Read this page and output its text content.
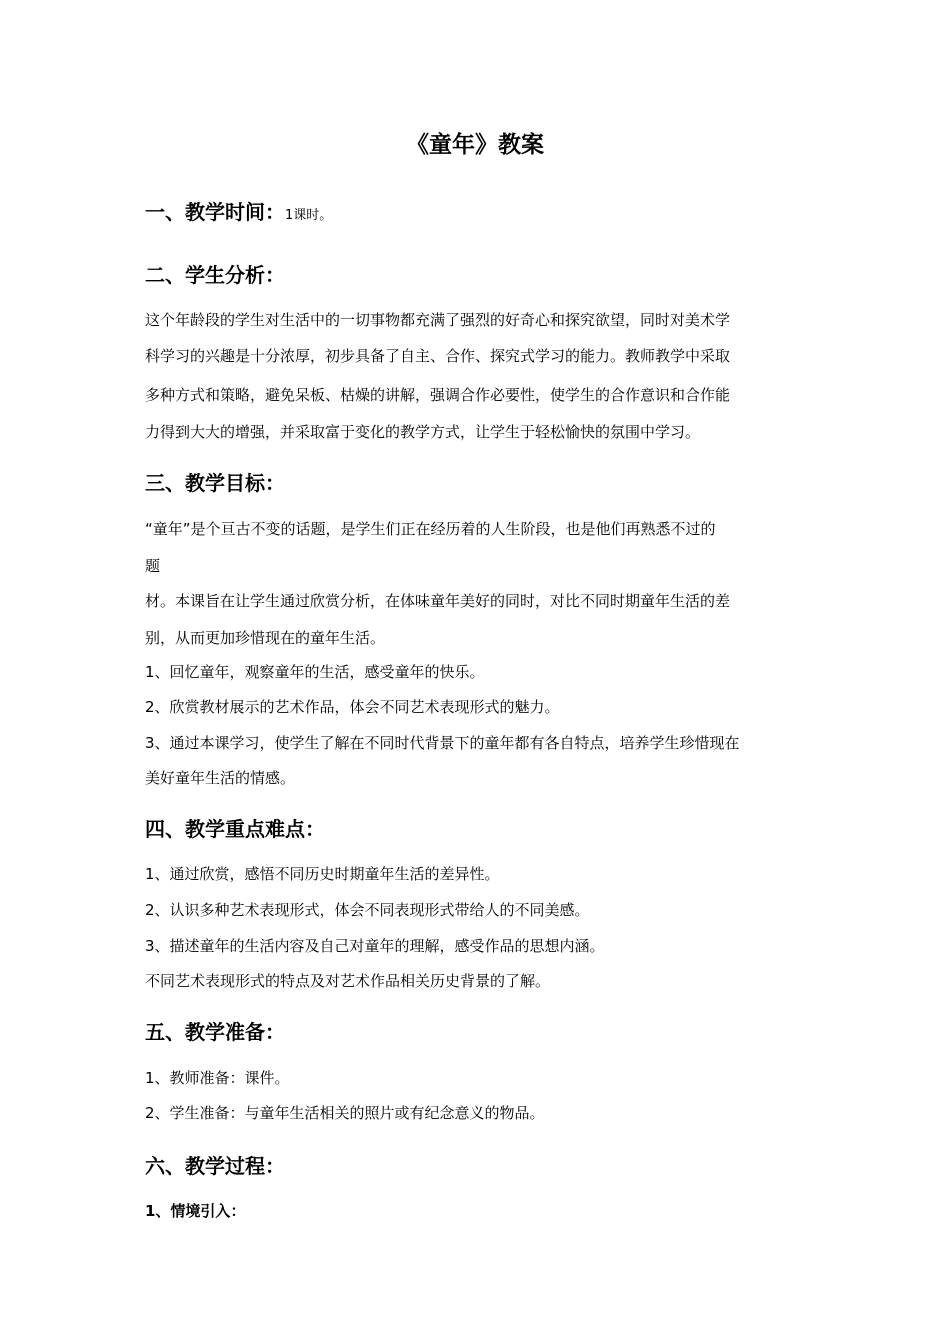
《童年》教案
一、教学时间：1课时。
二、学生分析：
这个年龄段的学生对生活中的一切事物都充满了强烈的好奇心和探究欲望，同时对美术学
科学习的兴趣是十分浓厚，初步具备了自主、合作、探究式学习的能力。教师教学中采取
多种方式和策略，避免呆板、枯燥的讲解，强调合作必要性，使学生的合作意识和合作能
力得到大大的增强，并采取富于变化的教学方式，让学生于轻松愉快的氛围中学习。
三、教学目标：
“童年”是个亘古不变的话题，是学生们正在经历着的人生阶段，也是他们再熟悉不过的
题
材。本课旨在让学生通过欣赏分析，在体味童年美好的同时，对比不同时期童年生活的差
别，从而更加珍惜现在的童年生活。
1、回忆童年，观察童年的生活，感受童年的快乐。
2、欣赏教材展示的艺术作品，体会不同艺术表现形式的魅力。
3、通过本课学习，使学生了解在不同时代背景下的童年都有各自特点，培养学生珍惜现在
美好童年生活的情感。
四、教学重点难点：
1、通过欣赏，感悟不同历史时期童年生活的差异性。
2、认识多种艺术表现形式，体会不同表现形式带给人的不同美感。
3、描述童年的生活内容及自己对童年的理解，感受作品的思想内涵。
不同艺术表现形式的特点及对艺术作品相关历史背景的了解。
五、教学准备：
1、教师准备：课件。
2、学生准备：与童年生活相关的照片或有纪念意义的物品。
六、教学过程：
1、情境引入：
